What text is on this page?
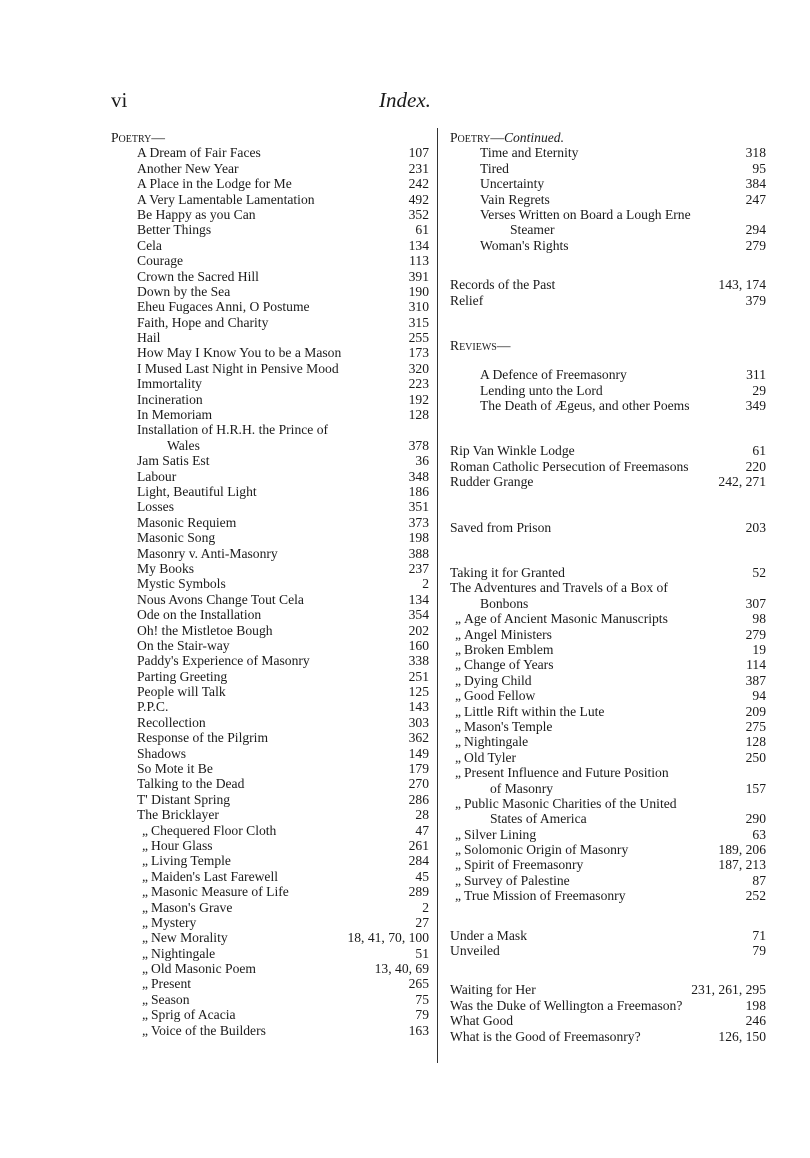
vi	Index.
Poetry—
A Dream of Fair Faces	107
Another New Year	231
A Place in the Lodge for Me	242
A Very Lamentable Lamentation	492
Be Happy as you Can	352
Better Things	61
Cela	134
Courage	113
Crown the Sacred Hill	391
Down by the Sea	190
Eheu Fugaces Anni, O Postume	310
Faith, Hope and Charity	315
Hail	255
How May I Know You to be a Mason	173
I Mused Last Night in Pensive Mood	320
Immortality	223
Incineration	192
In Memoriam	128
Installation of H.R.H. the Prince of
Wales	378
Jam Satis Est	36
Labour	348
Light, Beautiful Light	186
Losses	351
Masonic Requiem	373
Masonic Song	198
Masonry v. Anti-Masonry	388
My Books	237
Mystic Symbols	2
Nous Avons Change Tout Cela	134
Ode on the Installation	354
Oh! the Mistletoe Bough	202
On the Stair-way	160
Paddy's Experience of Masonry	338
Parting Greeting	251
People will Talk	125
P.P.C.	143
Recollection	303
Response of the Pilgrim	362
Shadows	149
So Mote it Be	179
Talking to the Dead	270
T' Distant Spring	286
The Bricklayer	28
„ Chequered Floor Cloth	47
„ Hour Glass	261
„ Living Temple	284
„ Maiden's Last Farewell	45
„ Masonic Measure of Life	289
„ Mason's Grave	2
„ Mystery	27
„ New Morality	18, 41, 70, 100
„ Nightingale	51
„ Old Masonic Poem	13, 40, 69
„ Present	265
„ Season	75
„ Sprig of Acacia	79
„ Voice of the Builders	163
Poetry—Continued.
Time and Eternity	318
Tired	95
Uncertainty	384
Vain Regrets	247
Verses Written on Board a Lough Erne
Steamer	294
Woman's Rights	279
Records of the Past	143, 174
Relief	379
Reviews—
A Defence of Freemasonry	311
Lending unto the Lord	29
The Death of Ægeus, and other Poems	349
Rip Van Winkle Lodge	61
Roman Catholic Persecution of Freemasons	220
Rudder Grange	242, 271
Saved from Prison	203
Taking it for Granted	52
The Adventures and Travels of a Box of
Bonbons	307
„ Age of Ancient Masonic Manuscripts	98
„ Angel Ministers	279
„ Broken Emblem	19
„ Change of Years	114
„ Dying Child	387
„ Good Fellow	94
„ Little Rift within the Lute	209
„ Mason's Temple	275
„ Nightingale	128
„ Old Tyler	250
„ Present Influence and Future Position
of Masonry	157
„ Public Masonic Charities of the United
States of America	290
„ Silver Lining	63
„ Solomonic Origin of Masonry	189, 206
„ Spirit of Freemasonry	187, 213
„ Survey of Palestine	87
„ True Mission of Freemasonry	252
Under a Mask	71
Unveiled	79
Waiting for Her	231, 261, 295
Was the Duke of Wellington a Freemason?	198
What Good	246
What is the Good of Freemasonry?	126, 150
